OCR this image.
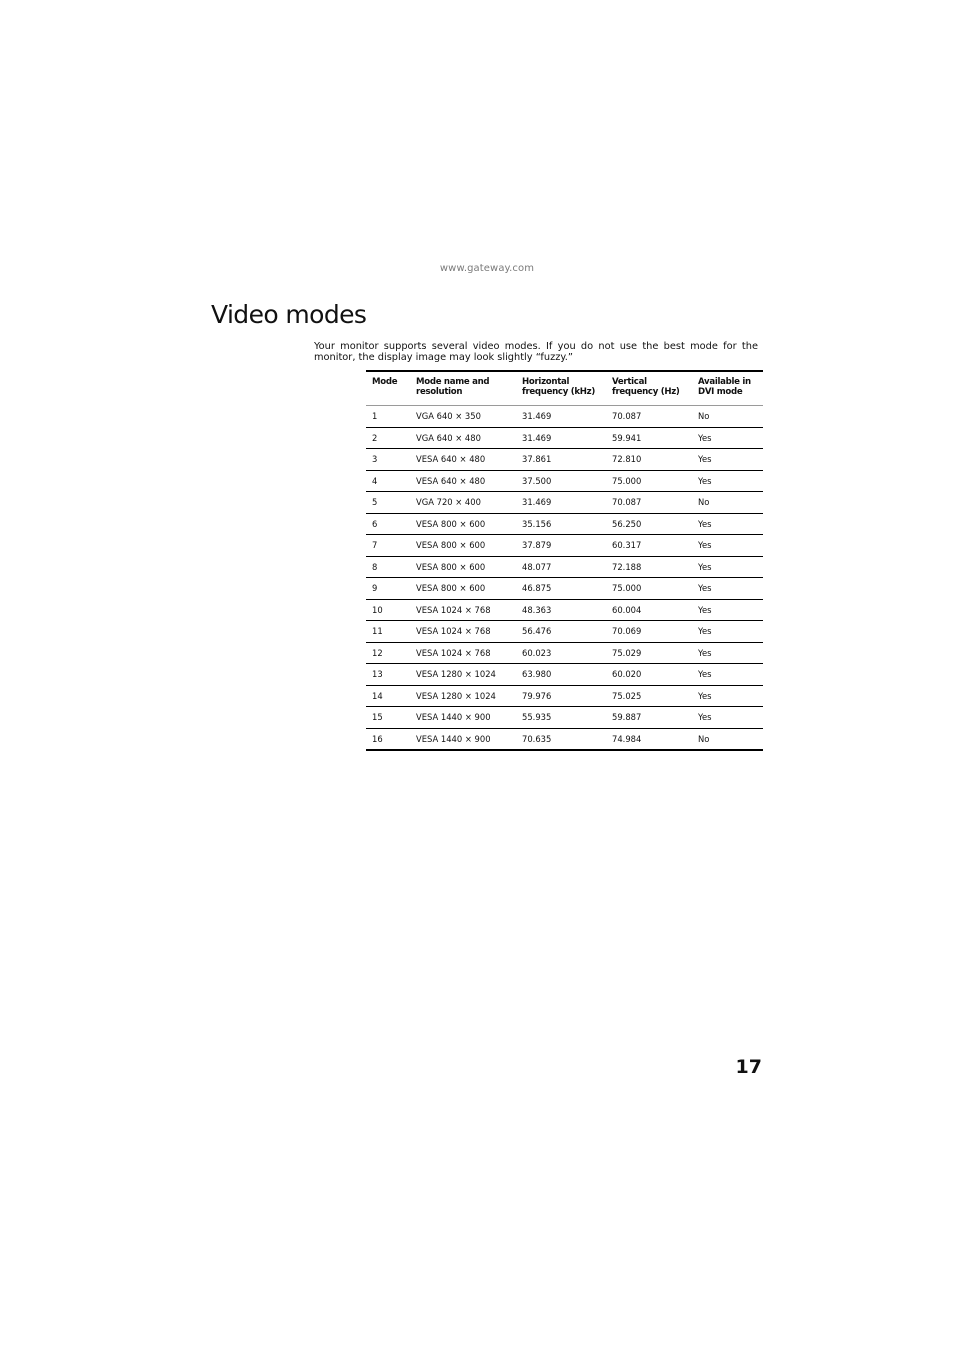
www.gateway.com
Video modes

Your monitor supports several video modes. If you do not use the best mode for the monitor, the display image may look slightly “fuzzy.”

Mode	Mode name and resolution	Horizontal frequency (kHz)	Vertical frequency (Hz)	Available in DVI mode
1	VGA 640 × 350	31.469	70.087	No
2	VGA 640 × 480	31.469	59.941	Yes
3	VESA 640 × 480	37.861	72.810	Yes
4	VESA 640 × 480	37.500	75.000	Yes
5	VGA 720 × 400	31.469	70.087	No
6	VESA 800 × 600	35.156	56.250	Yes
7	VESA 800 × 600	37.879	60.317	Yes
8	VESA 800 × 600	48.077	72.188	Yes
9	VESA 800 × 600	46.875	75.000	Yes
10	VESA 1024 × 768	48.363	60.004	Yes
11	VESA 1024 × 768	56.476	70.069	Yes
12	VESA 1024 × 768	60.023	75.029	Yes
13	VESA 1280 × 1024	63.980	60.020	Yes
14	VESA 1280 × 1024	79.976	75.025	Yes
15	VESA 1440 × 900	55.935	59.887	Yes
16	VESA 1440 × 900	70.635	74.984	No
17
